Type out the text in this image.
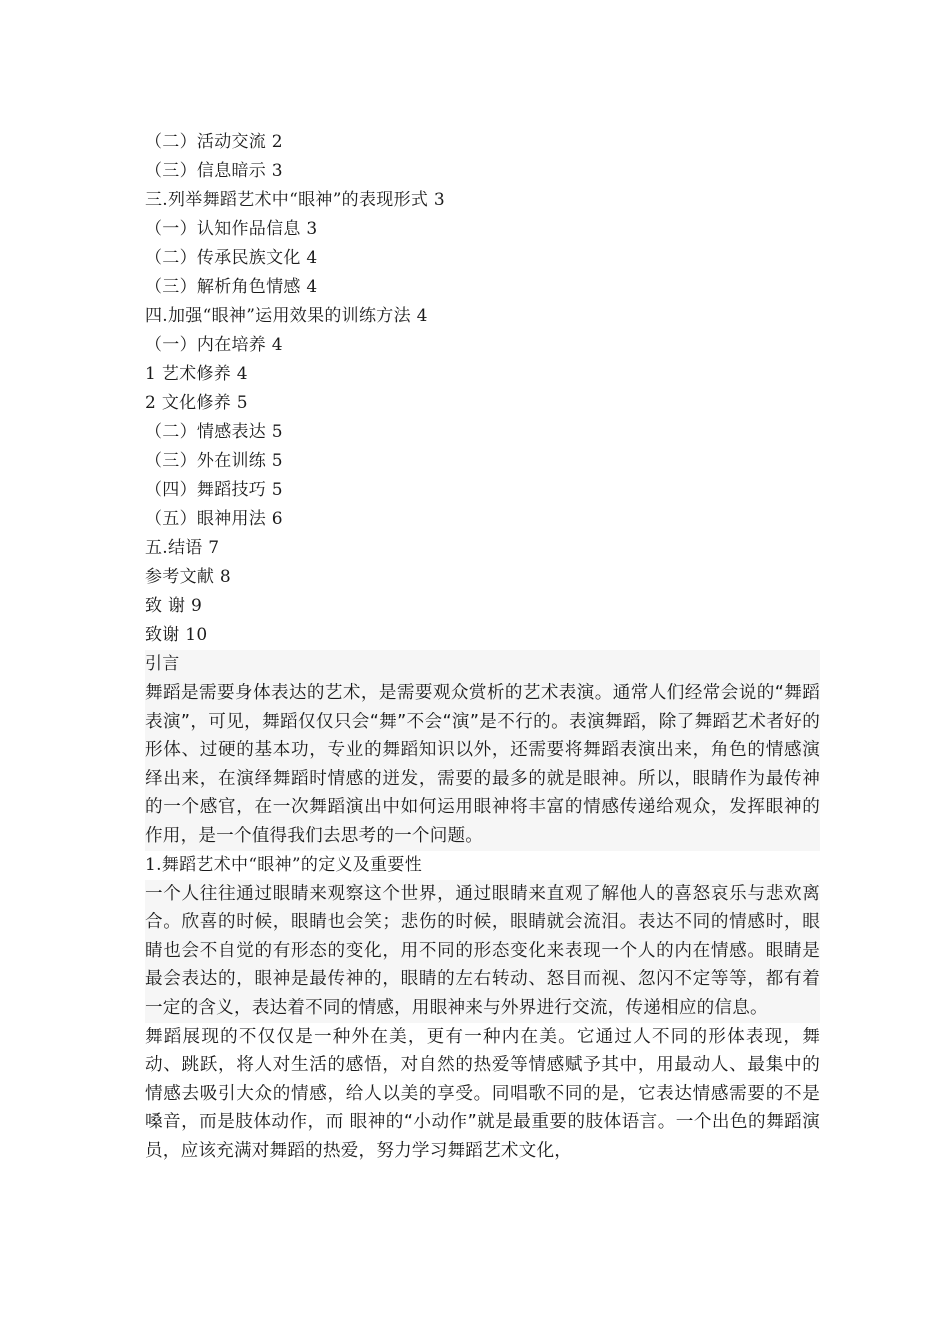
（二）活动交流 2
（三）信息暗示 3
三.列举舞蹈艺术中“眼神”的表现形式 3
（一）认知作品信息 3
（二）传承民族文化 4
（三）解析角色情感 4
四.加强“眼神”运用效果的训练方法 4
（一）内在培养 4
1 艺术修养 4
2 文化修养 5
（二）情感表达 5
（三）外在训练 5
（四）舞蹈技巧 5
（五）眼神用法 6
五.结语 7
参考文献 8
致 谢 9
致谢 10
引言

舞蹈是需要身体表达的艺术，是需要观众赏析的艺术表演。通常人们经常会说的“舞蹈表演”，可见，舞蹈仅仅只会“舞”不会“演”是不行的。表演舞蹈，除了舞蹈艺术者好的形体、过硬的基本功，专业的舞蹈知识以外，还需要将舞蹈表演出来，角色的情感演绎出来，在演绎舞蹈时情感的迸发，需要的最多的就是眼神。所以，眼睛作为最传神的一个感官，在一次舞蹈演出中如何运用眼神将丰富的情感传递给观众，发挥眼神的作用，是一个值得我们去思考的一个问题。

1.舞蹈艺术中“眼神”的定义及重要性

一个人往往通过眼睛来观察这个世界，通过眼睛来直观了解他人的喜怒哀乐与悲欢离合。欣喜的时候，眼睛也会笑；悲伤的时候，眼睛就会流泪。表达不同的情感时，眼睛也会不自觉的有形态的变化，用不同的形态变化来表现一个人的内在情感。眼睛是最会表达的，眼神是最传神的，眼睛的左右转动、怒目而视、忽闪不定等等，都有着一定的含义，表达着不同的情感，用眼神来与外界进行交流，传递相应的信息。

舞蹈展现的不仅仅是一种外在美，更有一种内在美。它通过人不同的形体表现，舞动、跳跃，将人对生活的感悟，对自然的热爱等情感赋予其中，用最动人、最集中的情感去吸引大众的情感，给人以美的享受。同唱歌不同的是，它表达情感需要的不是嗓音，而是肢体动作，而 眼神的“小动作”就是最重要的肢体语言。一个出色的舞蹈演员，应该充满对舞蹈的热爱，努力学习舞蹈艺术文化，
